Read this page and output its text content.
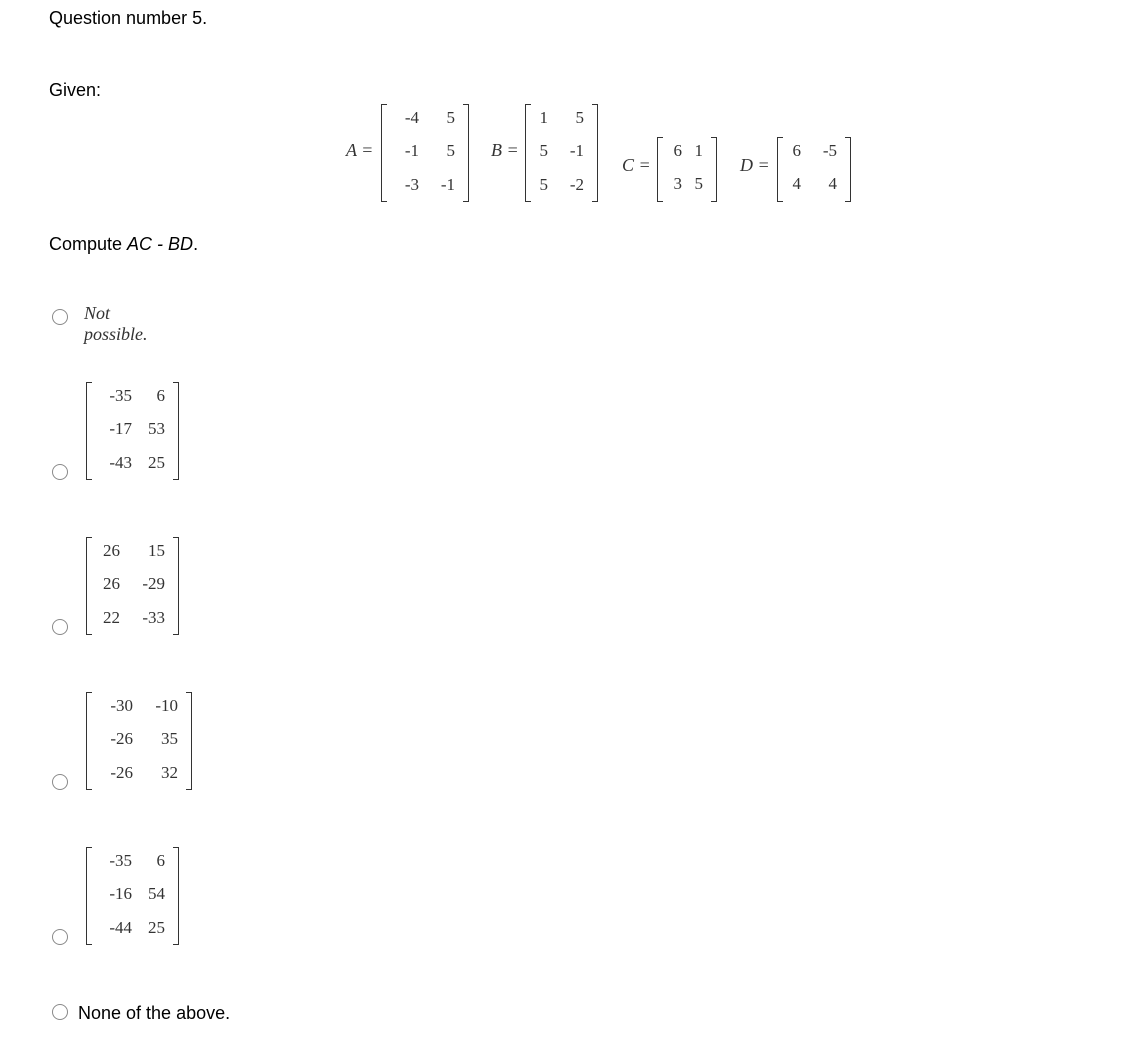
Question number 5.
Given:
A =
-4 5
-1 5
-3 -1
B =
1 5
5 -1
5 -2
C =
6 1
3 5
D =
6 -5
4 4
Compute AC - BD.
Not possible.
-35 6
-17 53
-43 25
26 15
26 -29
22 -33
-30 -10
-26 35
-26 32
-35 6
-16 54
-44 25
None of the above.
